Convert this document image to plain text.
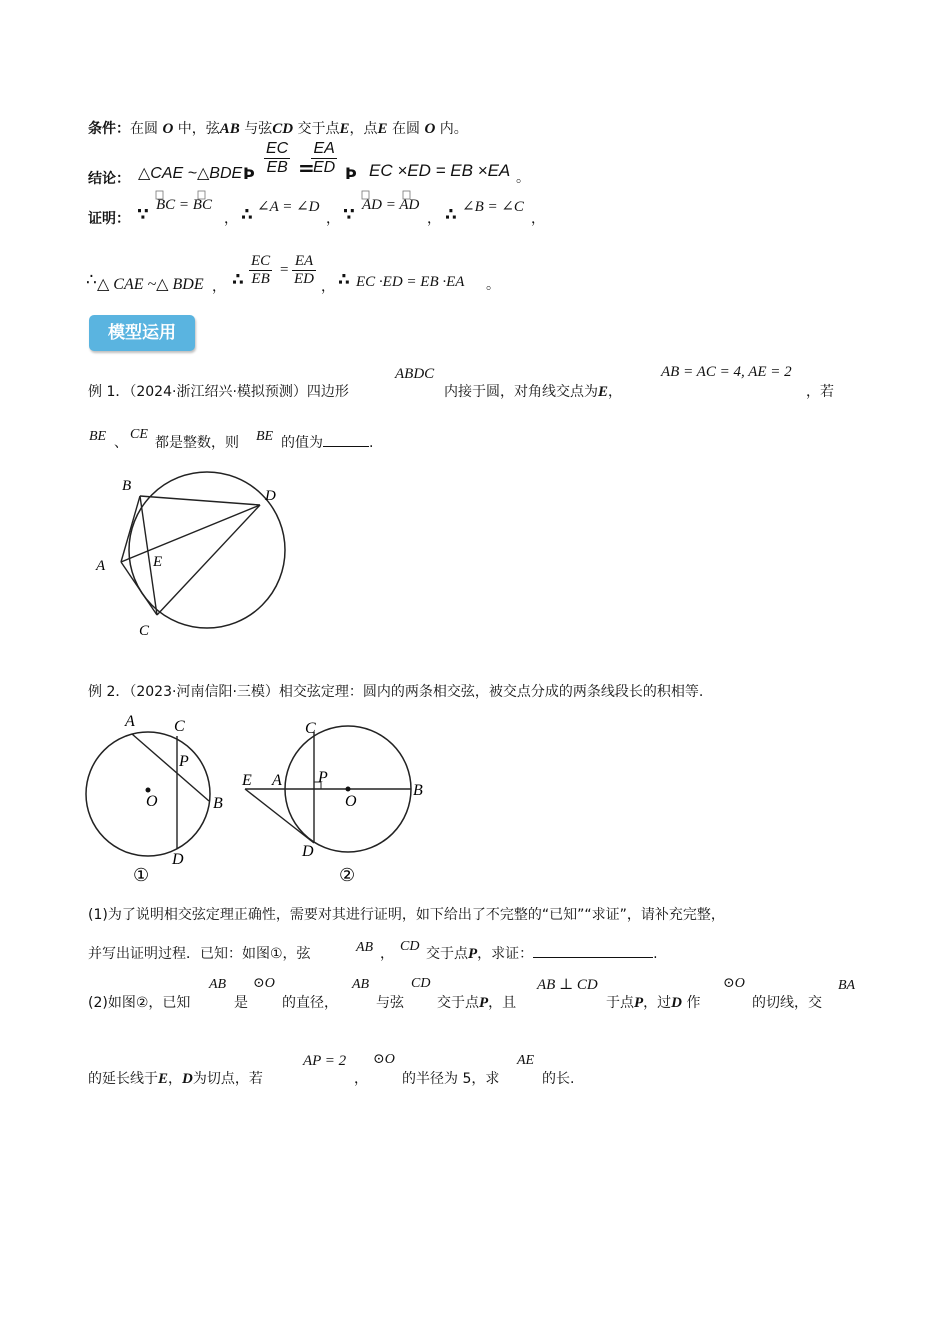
条件：在圆 O 中，弦AB 与弦CD 交于点E，点E 在圆 O 内。
结论： △CAE ~△BDE Þ $\frac{EC}{EB}$ =
$\frac{EA}{ED}$ Þ EC ×ED = EB ×EA 。
证明： ∵ BC = BC
， ∴ ∠A = ∠D
， ∵ AD = AD
， ∴ ∠B = ∠C
，
∴ △ CAE ~△ BDE ， ∴ $\frac{EC}{EB} = \frac{EA}{ED}$ ， ∴ EC ·ED = EB ·EA 。
模型运用
例 1．（2024·浙江绍兴·模拟预测）四边形
ABDC
内接于圆，对角线交点为E，
AB = AC = 4, AE = 2
，若
BE 、
CE
都是整数，则 BE 的值为	.
B
D
A	E
C
例 2．（2023·河南信阳·三模）相交弦定理：圆内的两条相交弦，被交点分成的两条线段长的积相等.
A C
P
O	B
D
①
C
E A P
O
B
D
②
(1)为了说明相交弦定理正确性，需要对其进行证明，如下给出了不完整的“已知”“求证”，请补充完整，
并写出证明过程．已知：如图①，弦	AB ， CD 交于点P，求证：	.
(2)如图②，已知
AB
是
⊙O
的直径，
AB
与弦
CD
交于点P，且
AB ⊥ CD
于点P，过D 作
⊙O
的切线，交
BA
的延长线于E，D为切点，若
AP = 2
，
⊙O
的半径为 5，求
AE
的长.
